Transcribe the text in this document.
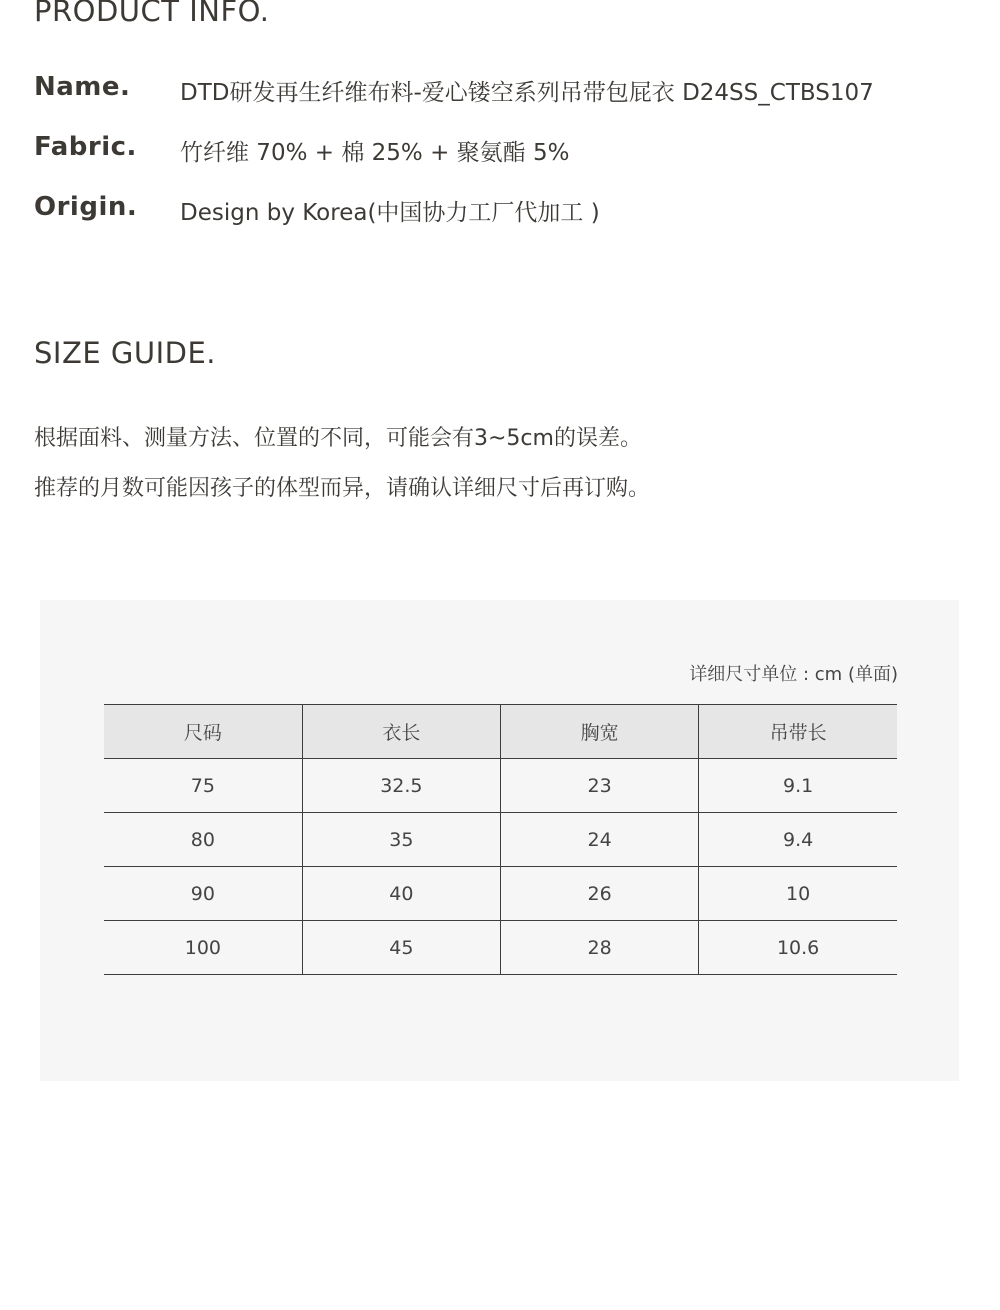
PRODUCT INFO.
Name. DTD研发再生纤维布料-爱心镂空系列吊带包屁衣 D24SS_CTBS107
Fabric. 竹纤维 70% + 棉 25% + 聚氨酯 5%
Origin. Design by Korea(中国协力工厂代加工 )
SIZE GUIDE.

根据面料、测量方法、位置的不同，可能会有3~5cm的误差。

推荐的月数可能因孩子的体型而异，请确认详细尺寸后再订购。

详细尺寸单位 : cm (单面)
尺码	衣长	胸宽	吊带长
75	32.5	23	9.1
80	35	24	9.4
90	40	26	10
100	45	28	10.6
